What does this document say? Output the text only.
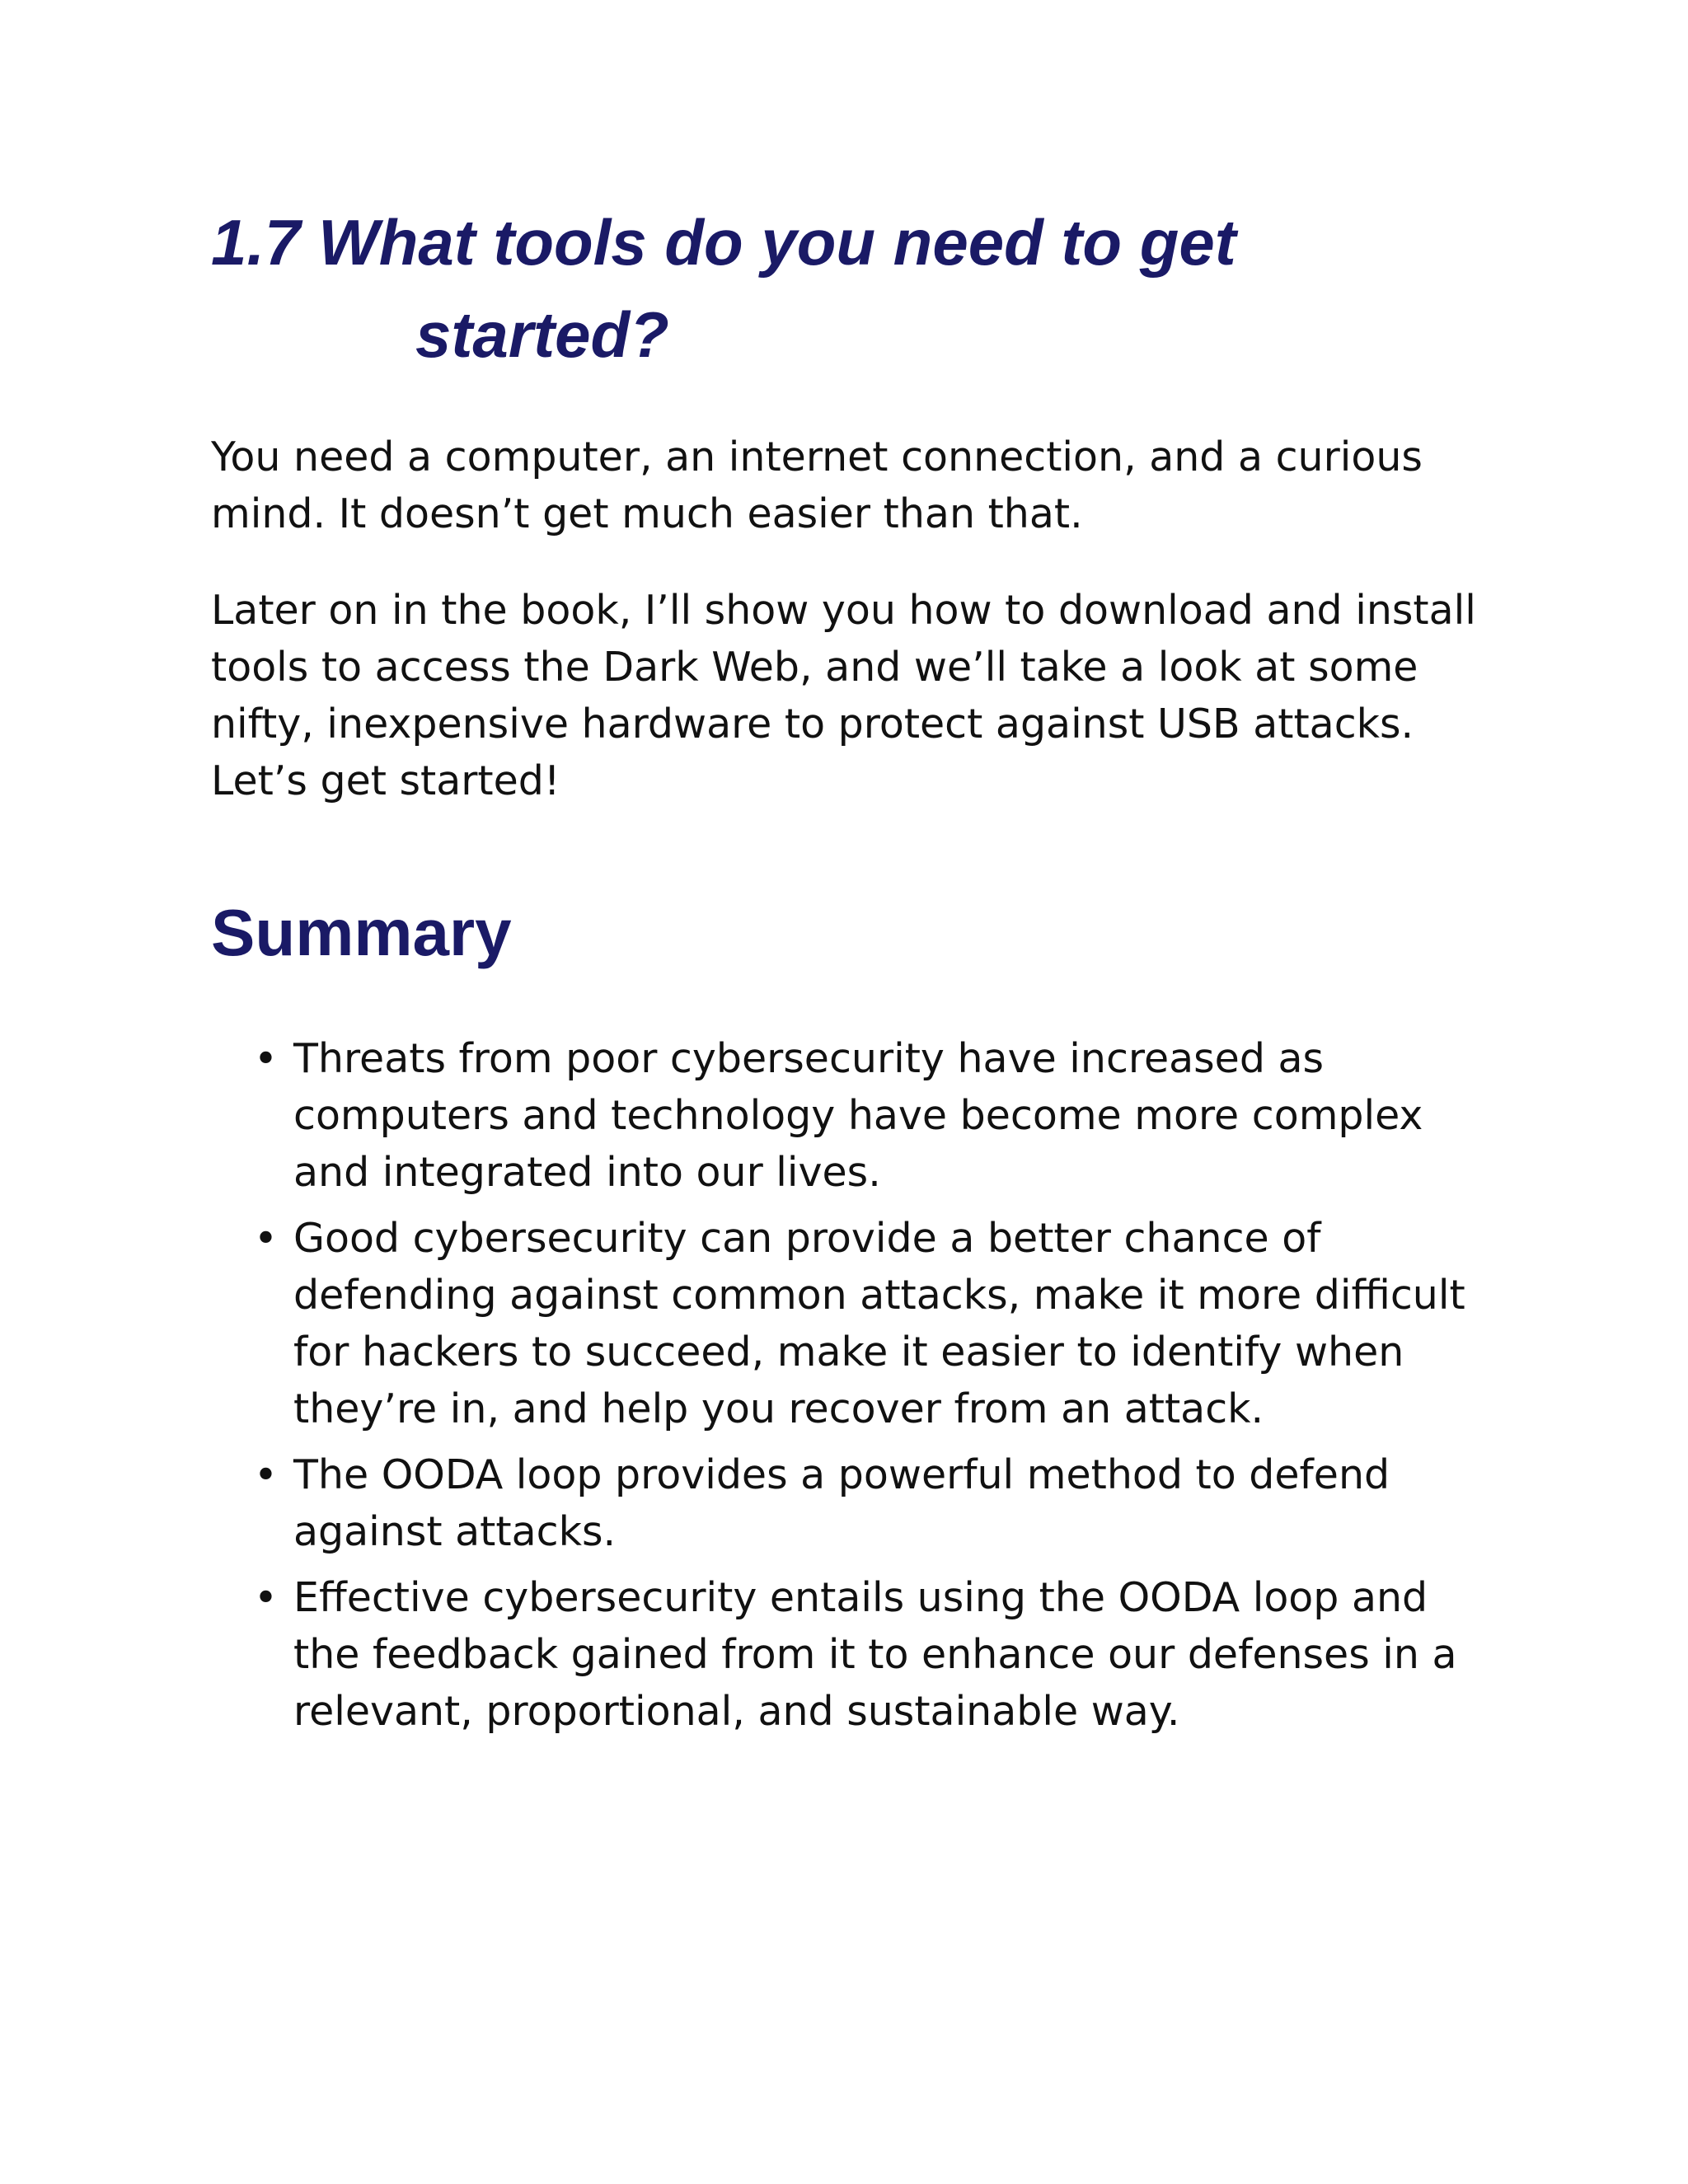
1.7 What tools do you need to get
started?

You need a computer, an internet connection, and a curious mind. It doesn’t get much easier than that.

Later on in the book, I’ll show you how to download and install tools to access the Dark Web, and we’ll take a look at some nifty, inexpensive hardware to protect against USB attacks. Let’s get started!

Summary
• Threats from poor cybersecurity have increased as computers and technology have become more complex and integrated into our lives.
• Good cybersecurity can provide a better chance of defending against common attacks, make it more difficult for hackers to succeed, make it easier to identify when they’re in, and help you recover from an attack.
• The OODA loop provides a powerful method to defend against attacks.
• Effective cybersecurity entails using the OODA loop and the feedback gained from it to enhance our defenses in a relevant, proportional, and sustainable way.
